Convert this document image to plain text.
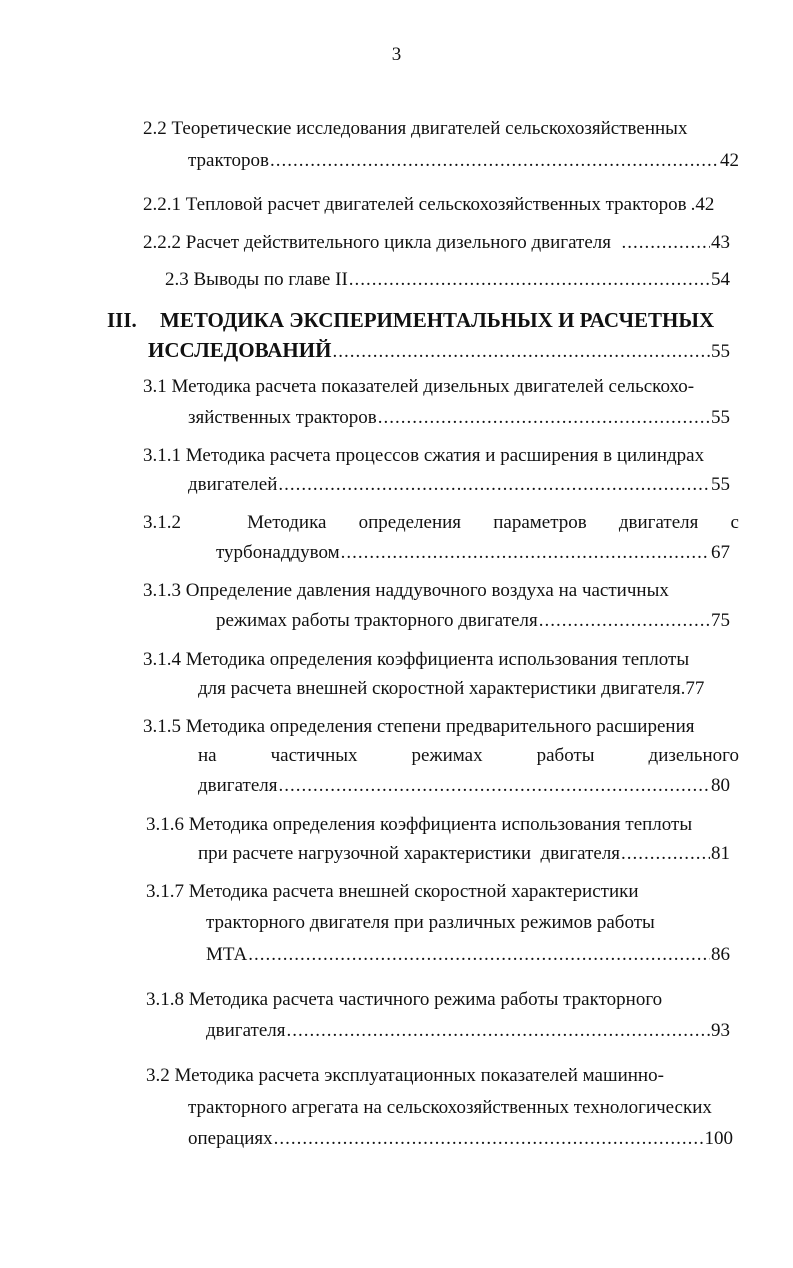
3
2.2 Теоретические исследования двигателей сельскохозяйственных
тракторов .....	42
2.2.1 Тепловой расчет двигателей сельскохозяйственных тракторов .42
2.2.2 Расчет действительного цикла дизельного двигателя .....	43
2.3 Выводы по главе II .....	54
III. МЕТОДИКА ЭКСПЕРИМЕНТАЛЬНЫХ И РАСЧЕТНЫХ
ИССЛЕДОВАНИЙ .....	55
3.1 Методика расчета показателей дизельных двигателей сельскохо-
зяйственных тракторов .....	55
3.1.1 Методика расчета процессов сжатия и расширения в цилиндрах
двигателей .....	55
3.1.2	Методика определения параметров двигателя с
турбонаддувом .....	67
3.1.3 Определение давления наддувочного воздуха на частичных
режимах работы тракторного двигателя .....	75
3.1.4 Методика определения коэффициента использования теплоты
для расчета внешней скоростной характеристики двигателя. 77
3.1.5 Методика определения степени предварительного расширения
на	частичных	режимах	работы	дизельного
двигателя .....	80
3.1.6 Методика определения коэффициента использования теплоты
при расчете нагрузочной характеристики  двигателя .....	81
3.1.7 Методика расчета внешней скоростной характеристики
тракторного двигателя при различных режимов работы
МТА .....	86
3.1.8 Методика расчета частичного режима работы тракторного
двигателя .....	93
3.2 Методика расчета эксплуатационных показателей машинно-
тракторного агрегата на сельскохозяйственных технологических
операциях .....	100
